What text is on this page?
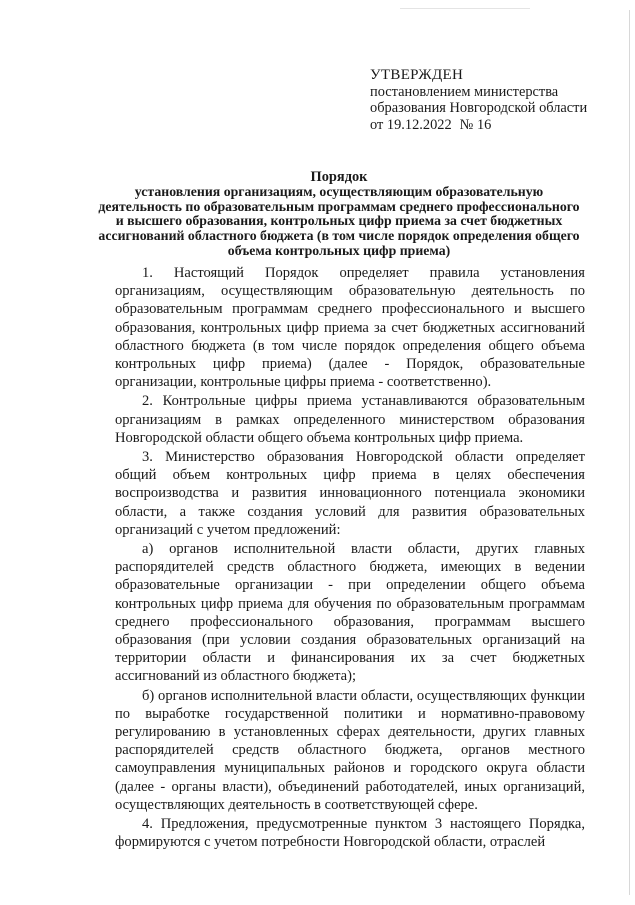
УТВЕРЖДЕН
постановлением министерства
образования Новгородской области
от 19.12.2022 № 16
Порядок
установления организациям, осуществляющим образовательную деятельность по образовательным программам среднего профессионального и высшего образования, контрольных цифр приема за счет бюджетных ассигнований областного бюджета (в том числе порядок определения общего объема контрольных цифр приема)

1. Настоящий Порядок определяет правила установления организациям, осуществляющим образовательную деятельность по образовательным программам среднего профессионального и высшего образования, контрольных цифр приема за счет бюджетных ассигнований областного бюджета (в том числе порядок определения общего объема контрольных цифр приема) (далее - Порядок, образовательные организации, контрольные цифры приема - соответственно).

2. Контрольные цифры приема устанавливаются образовательным организациям в рамках определенного министерством образования Новгородской области общего объема контрольных цифр приема.

3. Министерство образования Новгородской области определяет общий объем контрольных цифр приема в целях обеспечения воспроизводства и развития инновационного потенциала экономики области, а также создания условий для развития образовательных организаций с учетом предложений:

а) органов исполнительной власти области, других главных распорядителей средств областного бюджета, имеющих в ведении образовательные организации - при определении общего объема контрольных цифр приема для обучения по образовательным программам среднего профессионального образования, программам высшего образования (при условии создания образовательных организаций на территории области и финансирования их за счет бюджетных ассигнований из областного бюджета);

б) органов исполнительной власти области, осуществляющих функции по выработке государственной политики и нормативно-правовому регулированию в установленных сферах деятельности, других главных распорядителей средств областного бюджета, органов местного самоуправления муниципальных районов и городского округа области (далее - органы власти), объединений работодателей, иных организаций, осуществляющих деятельность в соответствующей сфере.

4. Предложения, предусмотренные пунктом 3 настоящего Порядка, формируются с учетом потребности Новгородской области, отраслей
